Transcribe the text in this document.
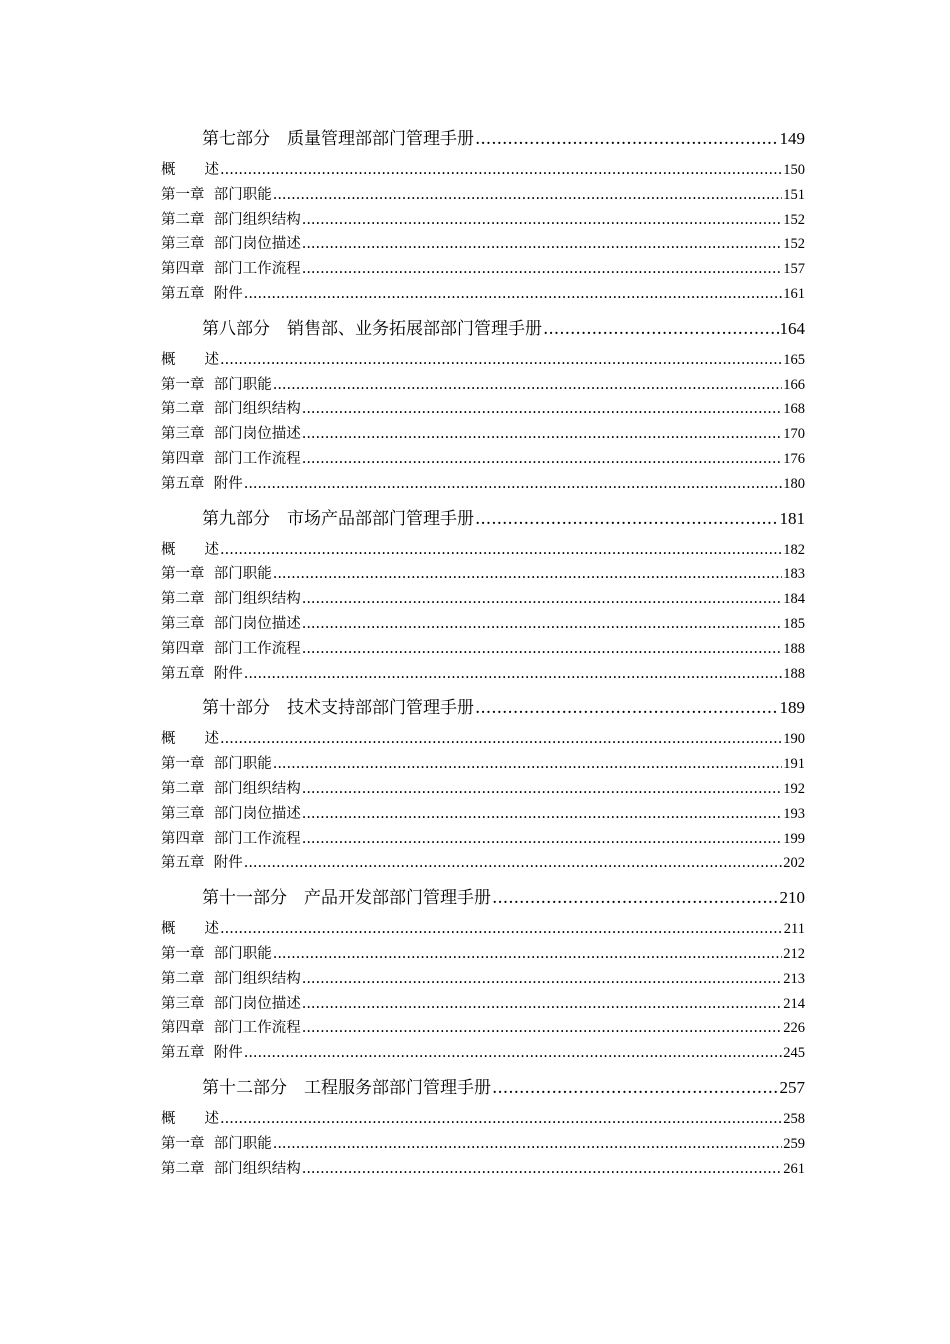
第七部分　质量管理部部门管理手册 .....	149
概　　述 .....	150
第一章  部门职能 .....	151
第二章  部门组织结构 .....	152
第三章  部门岗位描述 .....	152
第四章  部门工作流程 .....	157
第五章  附件 .....	161
第八部分　销售部、业务拓展部部门管理手册 .....	164
概　　述 .....	165
第一章  部门职能 .....	166
第二章  部门组织结构 .....	168
第三章  部门岗位描述 .....	170
第四章  部门工作流程 .....	176
第五章  附件 .....	180
第九部分　市场产品部部门管理手册 .....	181
概　　述 .....	182
第一章  部门职能 .....	183
第二章  部门组织结构 .....	184
第三章  部门岗位描述 .....	185
第四章  部门工作流程 .....	188
第五章  附件 .....	188
第十部分　技术支持部部门管理手册 .....	189
概　　述 .....	190
第一章  部门职能 .....	191
第二章  部门组织结构 .....	192
第三章  部门岗位描述 .....	193
第四章  部门工作流程 .....	199
第五章  附件 .....	202
第十一部分　产品开发部部门管理手册 .....	210
概　　述 .....	211
第一章  部门职能 .....	212
第二章  部门组织结构 .....	213
第三章  部门岗位描述 .....	214
第四章  部门工作流程 .....	226
第五章  附件 .....	245
第十二部分　工程服务部部门管理手册 .....	257
概　　述 .....	258
第一章  部门职能 .....	259
第二章  部门组织结构 .....	261
